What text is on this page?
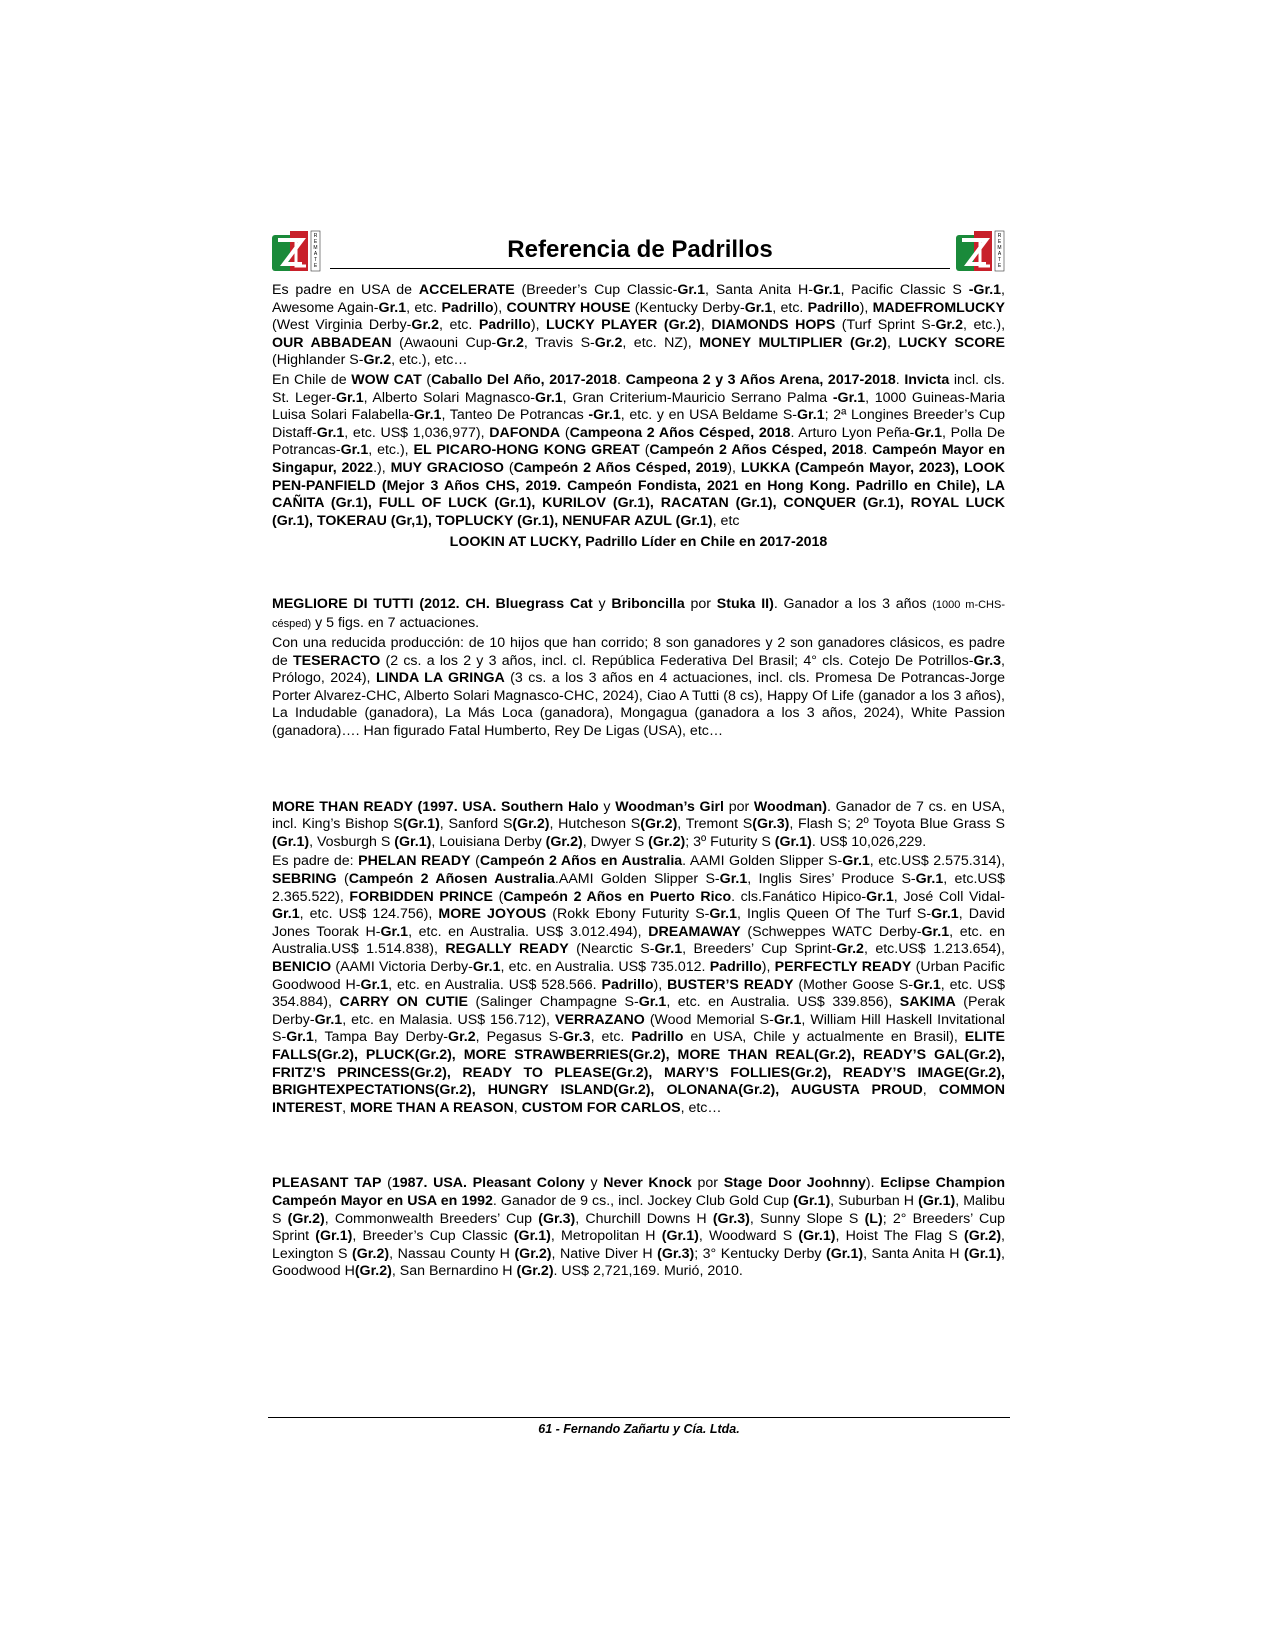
R
E
M
A
T
E
Referencia de Padrillos	R
E
M
A
T
E

Es padre en USA de ACCELERATE (Breeder’s Cup Classic-Gr.1, Santa Anita H-Gr.1, Pacific Classic S -Gr.1, Awesome Again-Gr.1, etc. Padrillo), COUNTRY HOUSE (Kentucky Derby-Gr.1, etc. Padrillo), MADEFROMLUCKY (West Virginia Derby-Gr.2, etc. Padrillo), LUCKY PLAYER (Gr.2), DIAMONDS HOPS (Turf Sprint S-Gr.2, etc.), OUR ABBADEAN (Awaouni Cup-Gr.2, Travis S-Gr.2, etc. NZ), MONEY MULTIPLIER (Gr.2), LUCKY SCORE (Highlander S-Gr.2, etc.), etc…

En Chile de WOW CAT (Caballo Del Año, 2017-2018. Campeona 2 y 3 Años Arena, 2017-2018. Invicta incl. cls. St. Leger-Gr.1, Alberto Solari Magnasco-Gr.1, Gran Criterium-Mauricio Serrano Palma -Gr.1, 1000 Guineas-Maria Luisa Solari Falabella-Gr.1, Tanteo De Potrancas -Gr.1, etc. y en USA Beldame S-Gr.1; 2ª Longines Breeder’s Cup Distaff-Gr.1, etc. US$ 1,036,977), DAFONDA (Campeona 2 Años Césped, 2018. Arturo Lyon Peña-Gr.1, Polla De Potrancas-Gr.1, etc.), EL PICARO-HONG KONG GREAT (Campeón 2 Años Césped, 2018. Campeón Mayor en Singapur, 2022.), MUY GRACIOSO (Campeón 2 Años Césped, 2019), LUKKA (Campeón Mayor, 2023), LOOK PEN-PANFIELD (Mejor 3 Años CHS, 2019. Campeón Fondista, 2021 en Hong Kong. Padrillo en Chile), LA CAÑITA (Gr.1), FULL OF LUCK (Gr.1), KURILOV (Gr.1), RACATAN (Gr.1), CONQUER (Gr.1), ROYAL LUCK (Gr.1), TOKERAU (Gr,1), TOPLUCKY (Gr.1), NENUFAR AZUL (Gr.1), etc

LOOKIN AT LUCKY, Padrillo Líder en Chile en 2017-2018

MEGLIORE DI TUTTI (2012. CH. Bluegrass Cat y Briboncilla por Stuka II). Ganador a los 3 años (1000 m-CHS-césped) y 5 figs. en 7 actuaciones.

Con una reducida producción: de 10 hijos que han corrido; 8 son ganadores y 2 son ganadores clásicos, es padre de TESERACTO (2 cs. a los 2 y 3 años, incl. cl. República Federativa Del Brasil; 4° cls. Cotejo De Potrillos-Gr.3, Prólogo, 2024), LINDA LA GRINGA (3 cs. a los 3 años en 4 actuaciones, incl. cls. Promesa De Potrancas-Jorge Porter Alvarez-CHC, Alberto Solari Magnasco-CHC, 2024), Ciao A Tutti (8 cs), Happy Of Life (ganador a los 3 años), La Indudable (ganadora), La Más Loca (ganadora), Mongagua (ganadora a los 3 años, 2024), White Passion (ganadora)…. Han figurado Fatal Humberto, Rey De Ligas (USA), etc…

MORE THAN READY (1997. USA. Southern Halo y Woodman’s Girl por Woodman). Ganador de 7 cs. en USA, incl. King’s Bishop S(Gr.1), Sanford S(Gr.2), Hutcheson S(Gr.2), Tremont S(Gr.3), Flash S; 2º Toyota Blue Grass S (Gr.1), Vosburgh S (Gr.1), Louisiana Derby (Gr.2), Dwyer S (Gr.2); 3º Futurity S (Gr.1). US$ 10,026,229.

Es padre de: PHELAN READY (Campeón 2 Años en Australia. AAMI Golden Slipper S-Gr.1, etc.US$ 2.575.314), SEBRING (Campeón 2 Añosen Australia.AAMI Golden Slipper S-Gr.1, Inglis Sires’ Produce S-Gr.1, etc.US$ 2.365.522), FORBIDDEN PRINCE (Campeón 2 Años en Puerto Rico. cls.Fanático Hipico-Gr.1, José Coll Vidal-Gr.1, etc. US$ 124.756), MORE JOYOUS (Rokk Ebony Futurity S-Gr.1, Inglis Queen Of The Turf S-Gr.1, David Jones Toorak H-Gr.1, etc. en Australia. US$ 3.012.494), DREAMAWAY (Schweppes WATC Derby-Gr.1, etc. en Australia.US$ 1.514.838), REGALLY READY (Nearctic S-Gr.1, Breeders’ Cup Sprint-Gr.2, etc.US$ 1.213.654), BENICIO (AAMI Victoria Derby-Gr.1, etc. en Australia. US$ 735.012. Padrillo), PERFECTLY READY (Urban Pacific Goodwood H-Gr.1, etc. en Australia. US$ 528.566. Padrillo), BUSTER’S READY (Mother Goose S-Gr.1, etc. US$ 354.884), CARRY ON CUTIE (Salinger Champagne S-Gr.1, etc. en Australia. US$ 339.856), SAKIMA (Perak Derby-Gr.1, etc. en Malasia. US$ 156.712), VERRAZANO (Wood Memorial S-Gr.1, William Hill Haskell Invitational S-Gr.1, Tampa Bay Derby-Gr.2, Pegasus S-Gr.3, etc. Padrillo en USA, Chile y actualmente en Brasil), ELITE FALLS(Gr.2), PLUCK(Gr.2), MORE STRAWBERRIES(Gr.2), MORE THAN REAL(Gr.2), READY’S GAL(Gr.2), FRITZ’S PRINCESS(Gr.2), READY TO PLEASE(Gr.2), MARY’S FOLLIES(Gr.2), READY’S IMAGE(Gr.2), BRIGHTEXPECTATIONS(Gr.2), HUNGRY ISLAND(Gr.2), OLONANA(Gr.2), AUGUSTA PROUD, COMMON INTEREST, MORE THAN A REASON, CUSTOM FOR CARLOS, etc…

PLEASANT TAP (1987. USA. Pleasant Colony y Never Knock por Stage Door Joohnny). Eclipse Champion Campeón Mayor en USA en 1992. Ganador de 9 cs., incl. Jockey Club Gold Cup (Gr.1), Suburban H (Gr.1), Malibu S (Gr.2), Commonwealth Breeders’ Cup (Gr.3), Churchill Downs H (Gr.3), Sunny Slope S (L); 2° Breeders’ Cup Sprint (Gr.1), Breeder’s Cup Classic (Gr.1), Metropolitan H (Gr.1), Woodward S (Gr.1), Hoist The Flag S (Gr.2), Lexington S (Gr.2), Nassau County H (Gr.2), Native Diver H (Gr.3); 3° Kentucky Derby (Gr.1), Santa Anita H (Gr.1), Goodwood H(Gr.2), San Bernardino H (Gr.2). US$ 2,721,169. Murió, 2010.

61 - Fernando Zañartu y Cía. Ltda.
